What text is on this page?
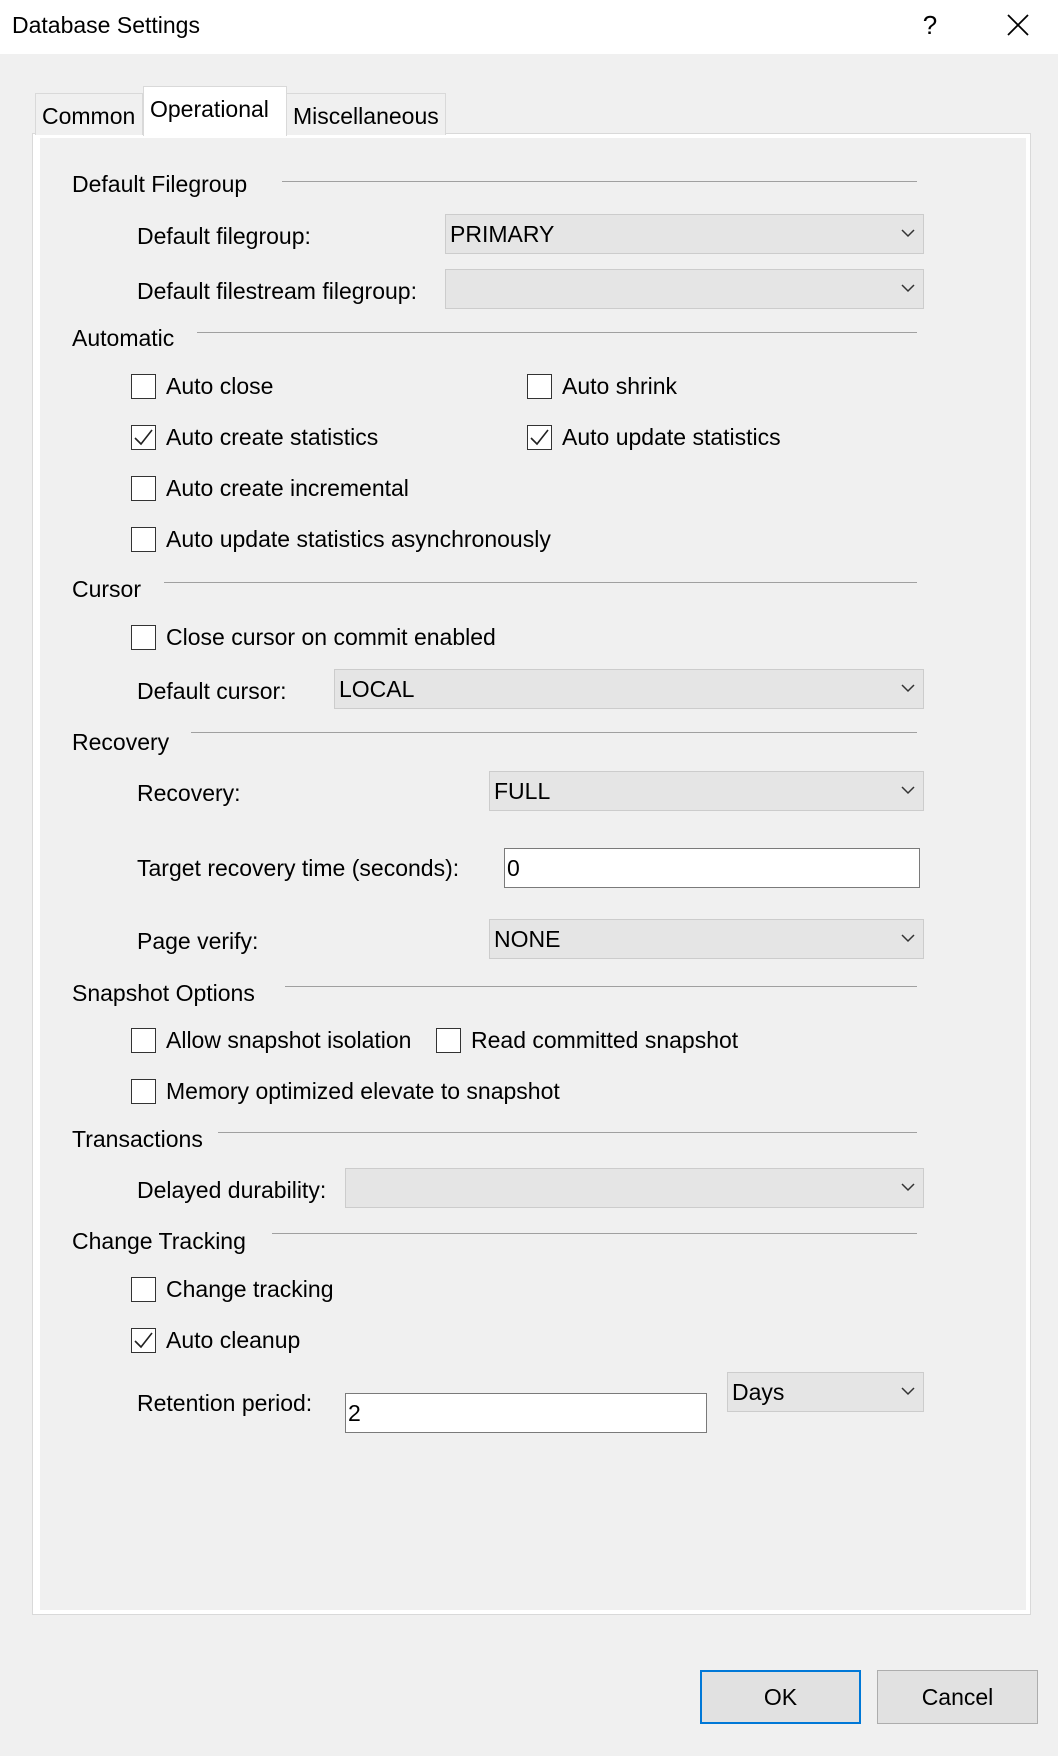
Database Settings	?
Common	Miscellaneous
Operational
Default Filegroup
Default filegroup:	PRIMARY
Default filestream filegroup:
Automatic
Auto close	Auto shrink
Auto create statistics	Auto update statistics
Auto create incremental
Auto update statistics asynchronously
Cursor
Close cursor on commit enabled
Default cursor: LOCAL
Recovery
Recovery:	FULL
Target recovery time (seconds): 0
Page verify:	NONE
Snapshot Options
Allow snapshot isolation	Read committed snapshot
Memory optimized elevate to snapshot
Transactions
Delayed durability:
Change Tracking
Change tracking
Auto cleanup
Retention period: 2
Days
OK	Cancel
